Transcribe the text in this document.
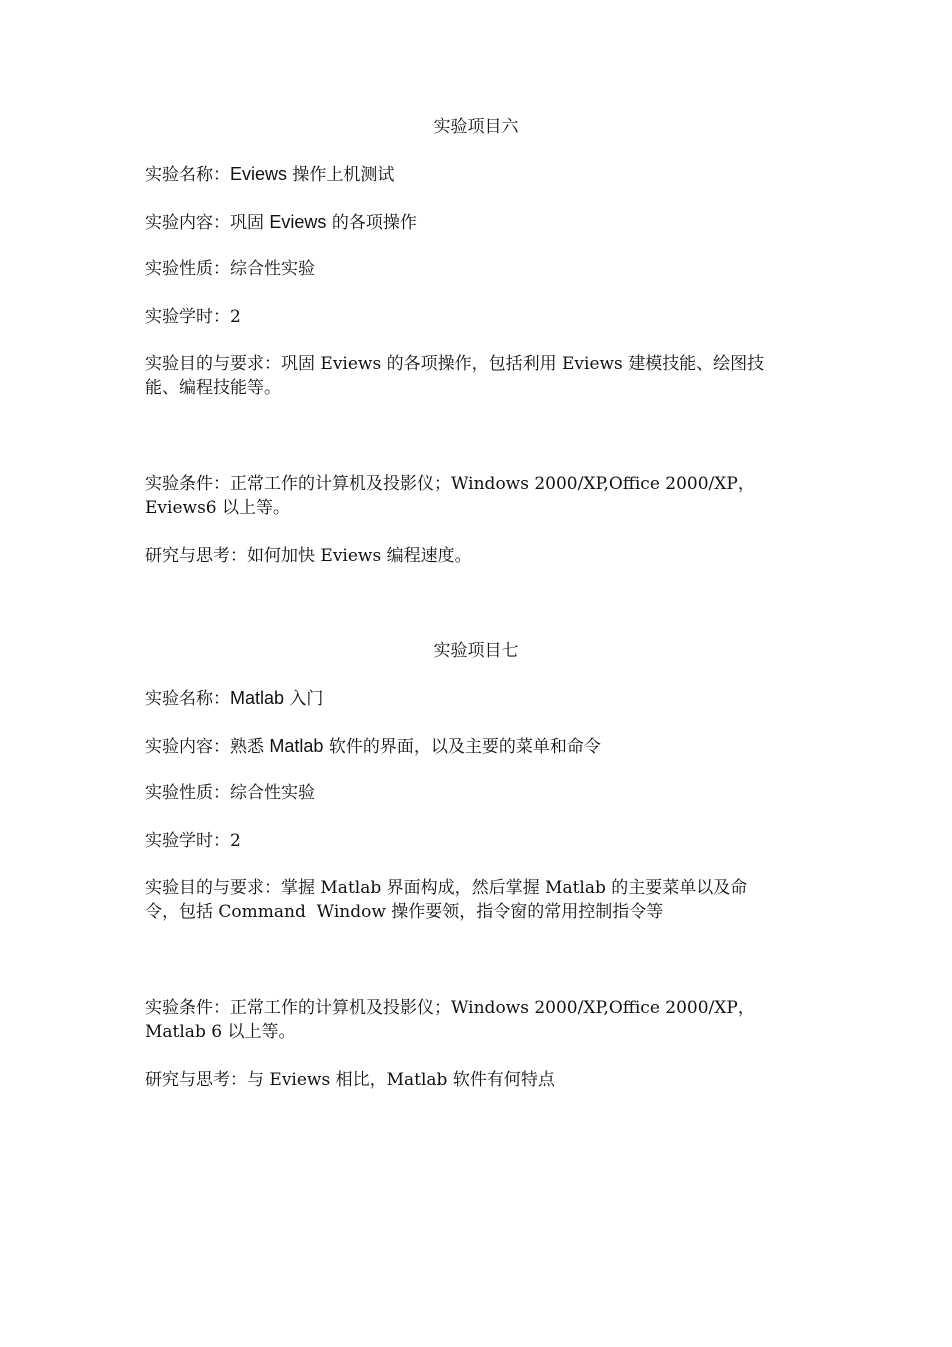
实验项目六
实验名称：Eviews 操作上机测试
实验内容：巩固 Eviews 的各项操作
实验性质：综合性实验
实验学时：2
实验目的与要求：巩固 Eviews 的各项操作，包括利用 Eviews 建模技能、绘图技
能、编程技能等。
实验条件：正常工作的计算机及投影仪；Windows 2000/XP,Office 2000/XP，
Eviews6 以上等。
研究与思考：如何加快 Eviews 编程速度。
实验项目七
实验名称：Matlab 入门
实验内容：熟悉 Matlab 软件的界面，以及主要的菜单和命令
实验性质：综合性实验
实验学时：2
实验目的与要求：掌握 Matlab 界面构成，然后掌握 Matlab 的主要菜单以及命
令，包括 Command  Window 操作要领，指令窗的常用控制指令等
实验条件：正常工作的计算机及投影仪；Windows 2000/XP,Office 2000/XP，
Matlab 6 以上等。
研究与思考：与 Eviews 相比，Matlab 软件有何特点
